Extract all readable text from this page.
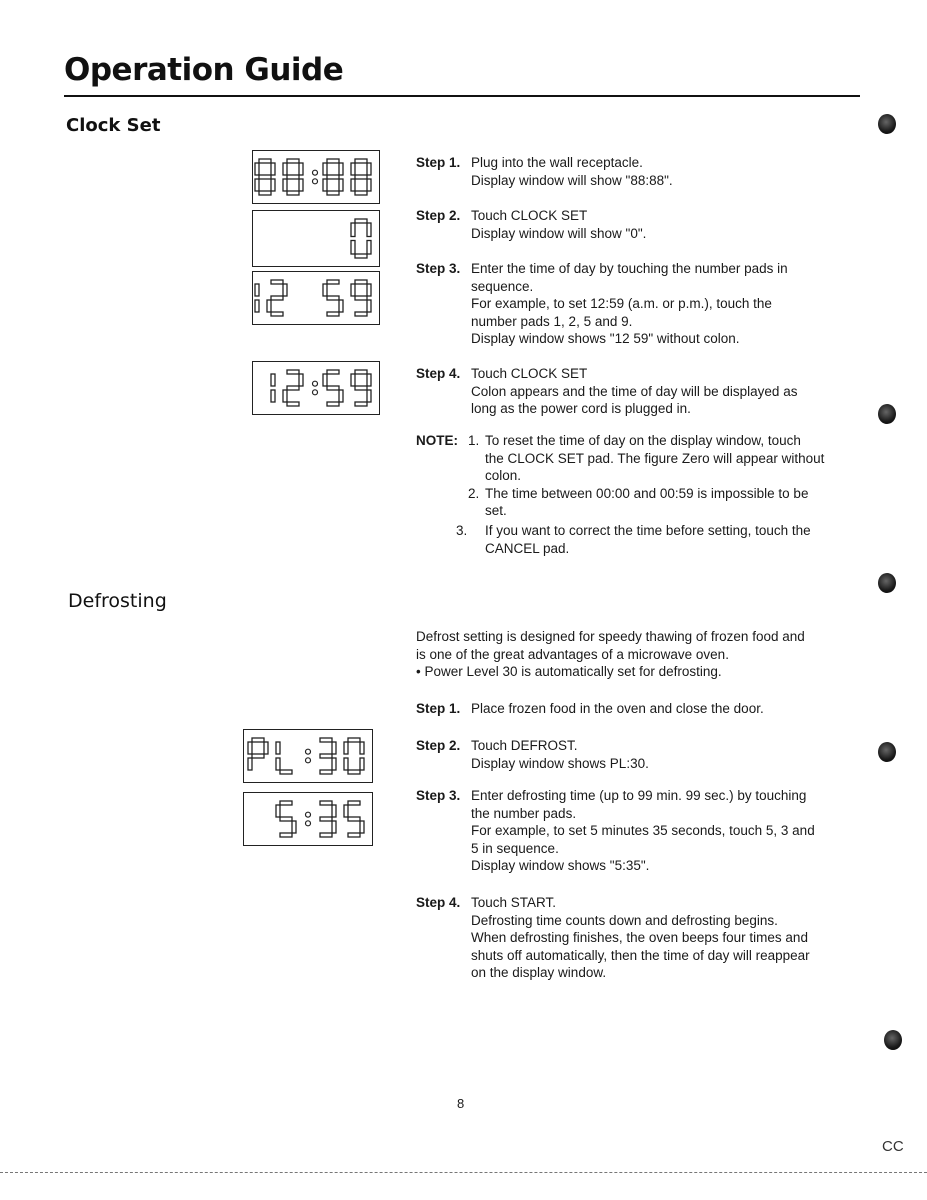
Operation Guide
Clock Set
Step 1. Plug into the wall receptacle.
Display window will show "88:88".
Step 2. Touch CLOCK SET
Display window will show "0".
Step 3. Enter the time of day by touching the number pads in
sequence.
For example, to set 12:59 (a.m. or p.m.), touch the
number pads 1, 2, 5 and 9.
Display window shows "12 59" without colon.
Step 4. Touch CLOCK SET
Colon appears and the time of day will be displayed as
long as the power cord is plugged in.
NOTE: 1. To reset the time of day on the display window, touch
the CLOCK SET pad. The figure Zero will appear without
colon.
2. The time between 00:00 and 00:59 is impossible to be
set.
3. If you want to correct the time before setting, touch the
CANCEL pad.
Defrosting
Defrost setting is designed for speedy thawing of frozen food and
is one of the great advantages of a microwave oven.
• Power Level 30 is automatically set for defrosting.
Step 1. Place frozen food in the oven and close the door.
Step 2. Touch DEFROST.
Display window shows PL:30.
Step 3. Enter defrosting time (up to 99 min. 99 sec.) by touching
the number pads.
For example, to set 5 minutes 35 seconds, touch 5, 3 and
5 in sequence.
Display window shows "5:35".
Step 4. Touch START.
Defrosting time counts down and defrosting begins.
When defrosting finishes, the oven beeps four times and
shuts off automatically, then the time of day will reappear
on the display window.
8
CC
